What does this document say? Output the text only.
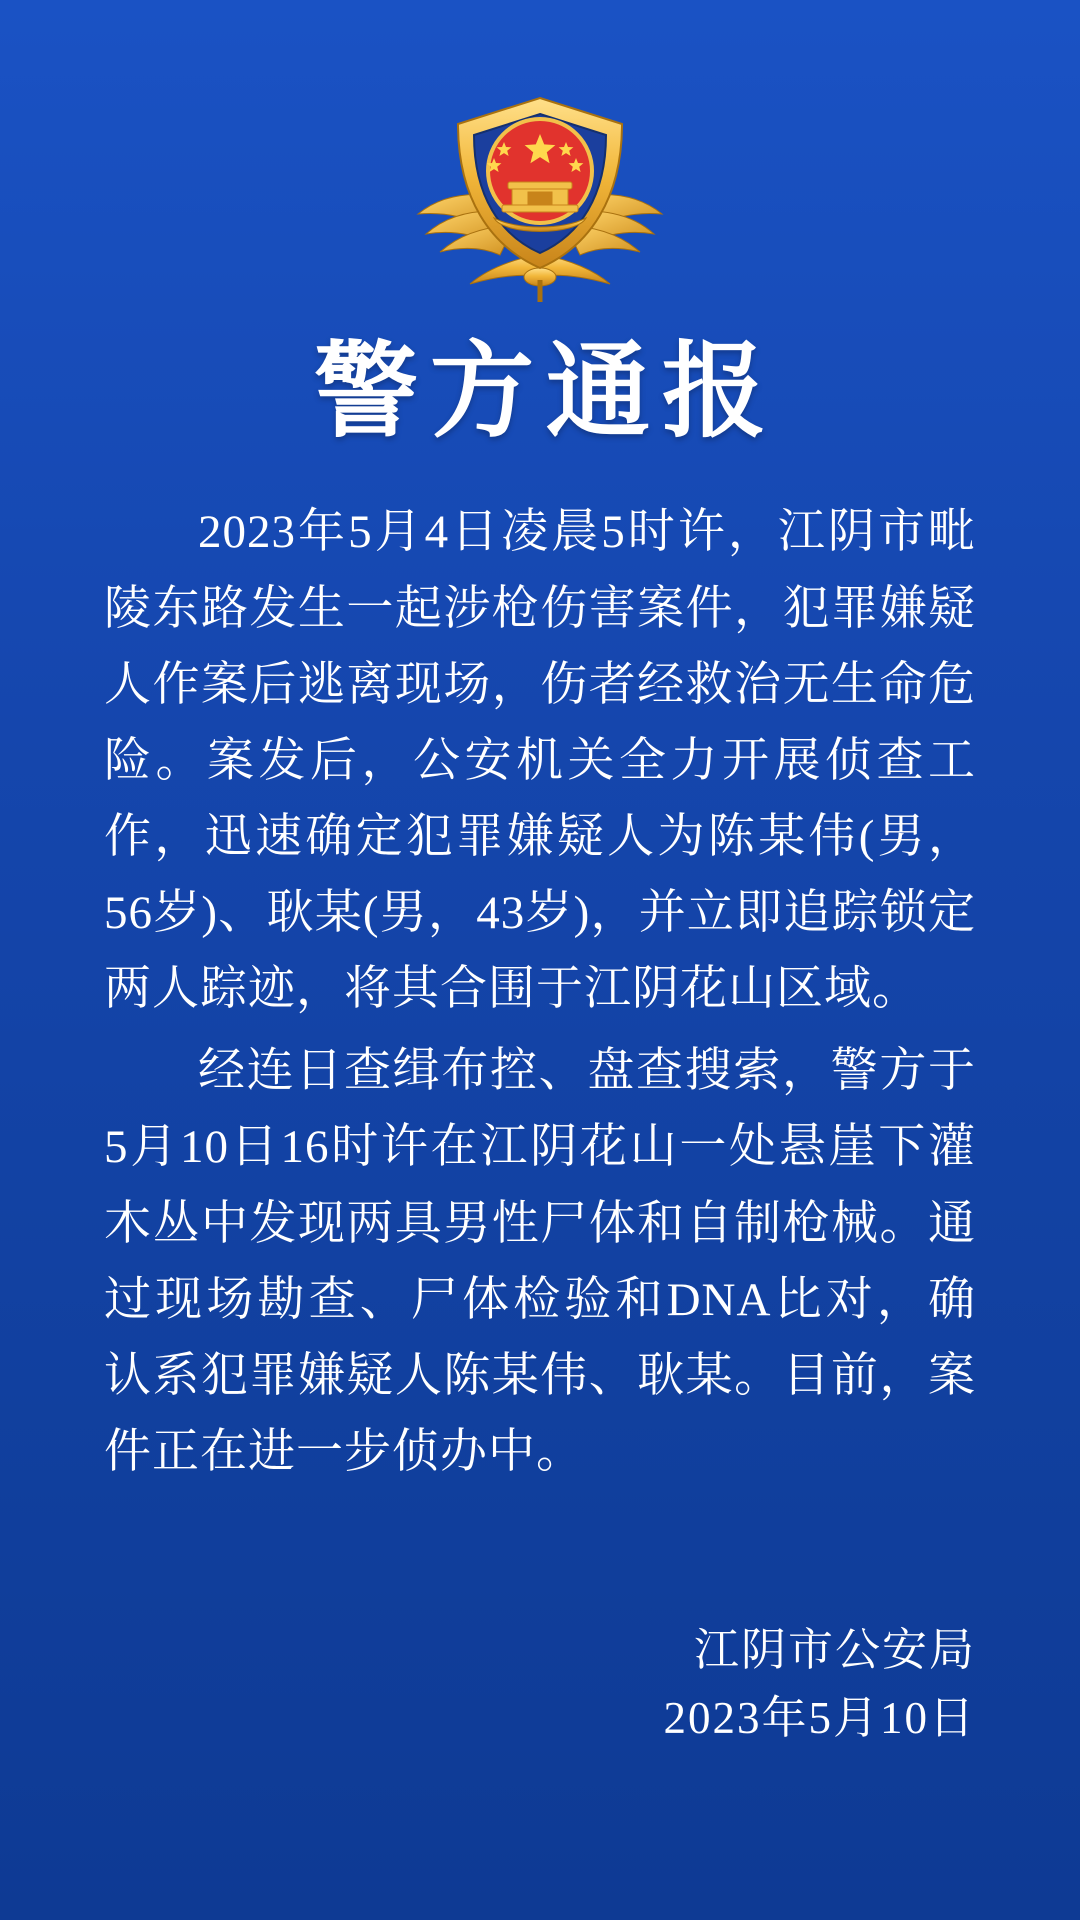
警方通报

2023年5月4日凌晨5时许，江阴市毗陵东路发生一起涉枪伤害案件，犯罪嫌疑人作案后逃离现场，伤者经救治无生命危险。案发后，公安机关全力开展侦查工作，迅速确定犯罪嫌疑人为陈某伟(男，56岁)、耿某(男，43岁)，并立即追踪锁定两人踪迹，将其合围于江阴花山区域。

经连日查缉布控、盘查搜索，警方于5月10日16时许在江阴花山一处悬崖下灌木丛中发现两具男性尸体和自制枪械。通过现场勘查、尸体检验和DNA比对，确认系犯罪嫌疑人陈某伟、耿某。目前，案件正在进一步侦办中。

江阴市公安局
2023年5月10日
